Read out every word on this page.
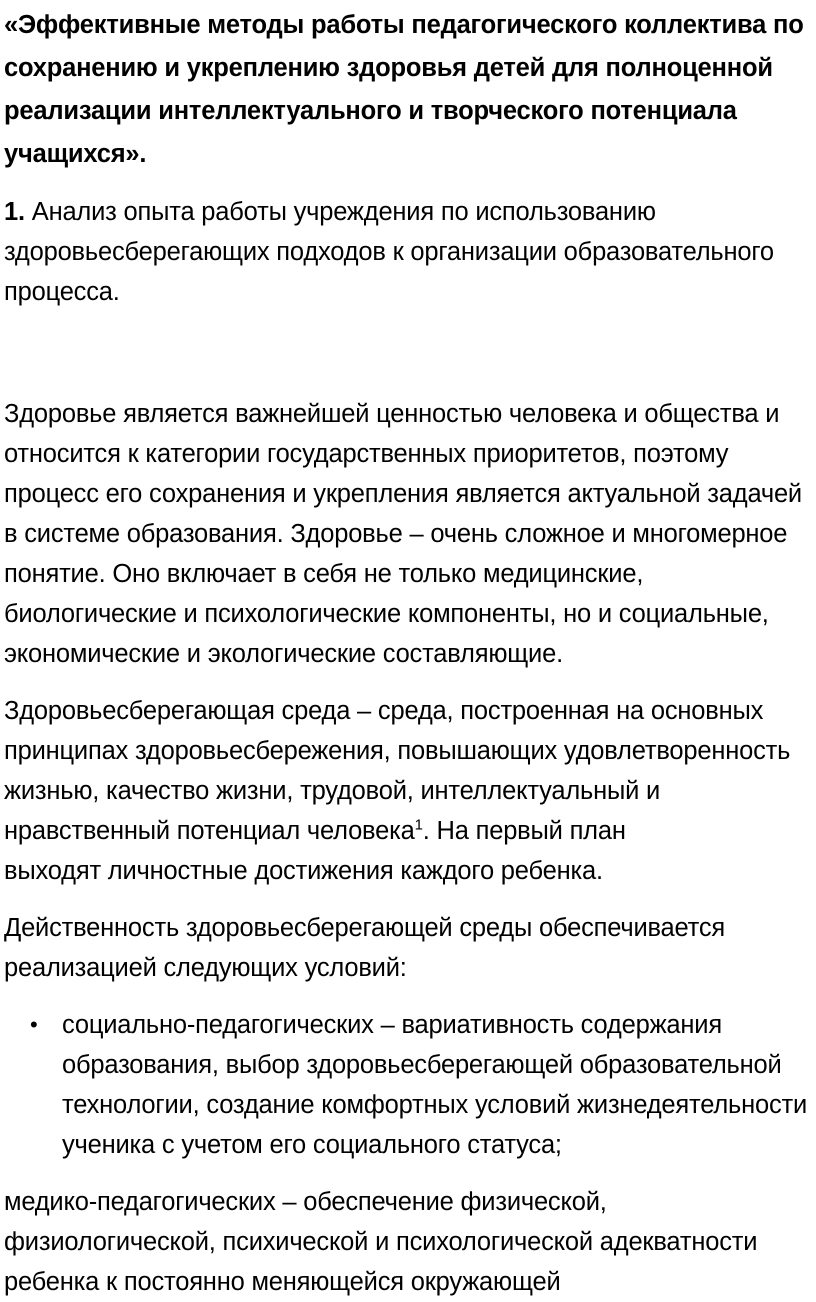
«Эффективные методы работы педагогического коллектива по сохранению и укреплению здоровья детей для полноценной реализации интеллектуального и творческого потенциала учащихся».

1. Анализ опыта работы учреждения по использованию здоровьесберегающих подходов к организации образовательного процесса.

Здоровье является важнейшей ценностью человека и общества и относится к категории государственных приоритетов, поэтому процесс его сохранения и укрепления является актуальной задачей в системе образования. Здоровье – очень сложное и многомерное понятие. Оно включает в себя не только медицинские, биологические и психологические компоненты, но и социальные, экономические и экологические составляющие.

Здоровьесберегающая среда – среда, построенная на основных принципах здоровьесбережения, повышающих удовлетворенность жизнью, качество жизни, трудовой, интеллектуальный и нравственный потенциал человека$^1$. На первый план
выходят личностные достижения каждого ребенка.

Действенность здоровьесберегающей среды обеспечивается реализацией следующих условий:

• социально-педагогических – вариативность содержания образования, выбор здоровьесберегающей образовательной технологии, создание комфортных условий жизнедеятельности ученика с учетом его социального статуса;

медико-педагогических – обеспечение физической, физиологической, психической и психологической адекватности ребенка к постоянно меняющейся окружающей
